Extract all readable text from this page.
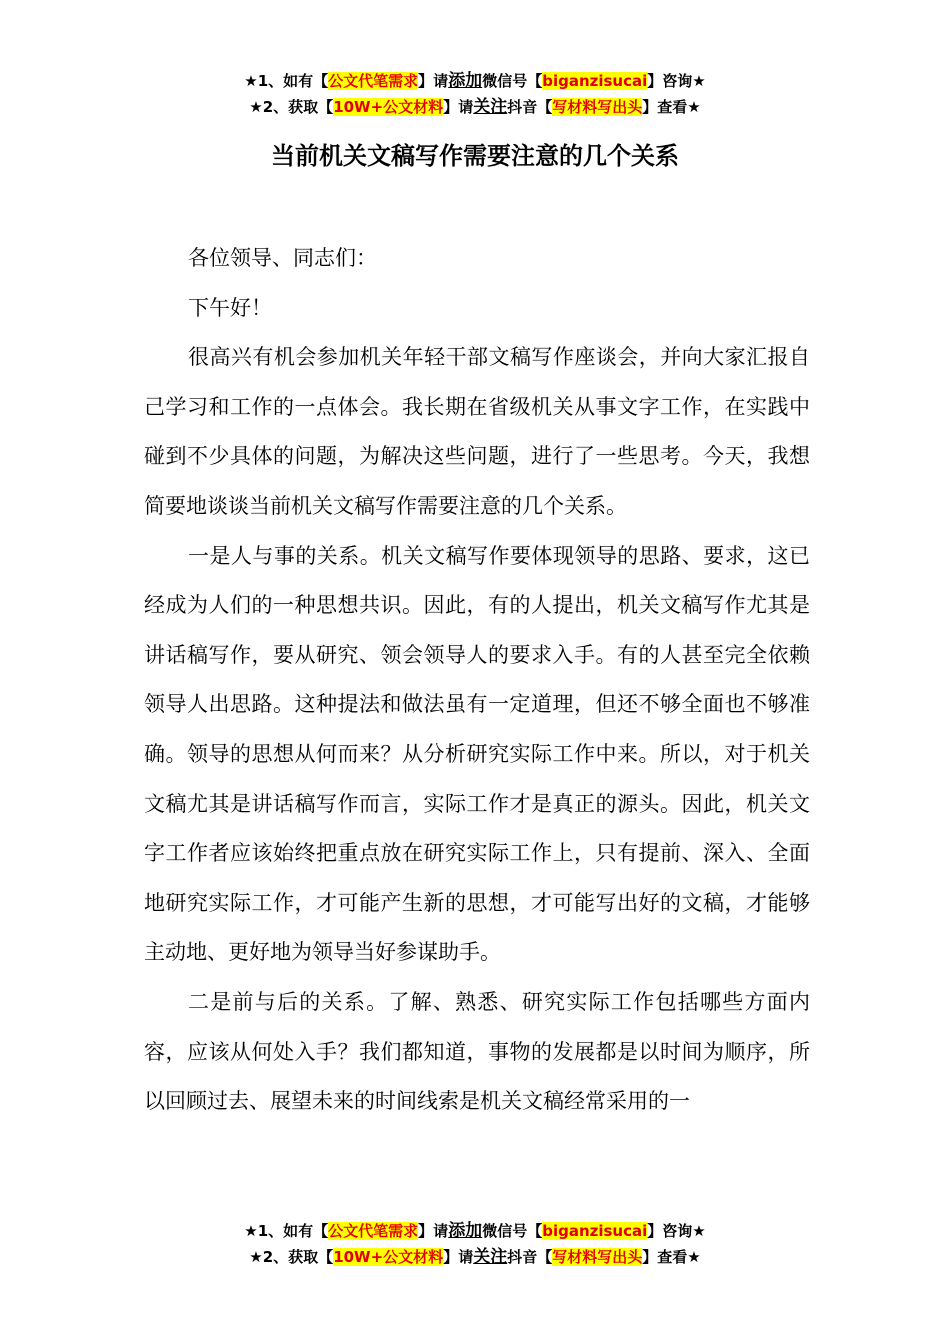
★1、如有【公文代笔需求】请添加微信号【biganzisucai】咨询★
★2、获取【10W+公文材料】请关注抖音【写材料写出头】查看★
当前机关文稿写作需要注意的几个关系

各位领导、同志们：

下午好！

很高兴有机会参加机关年轻干部文稿写作座谈会，并向大家汇报自己学习和工作的一点体会。我长期在省级机关从事文字工作，在实践中碰到不少具体的问题，为解决这些问题，进行了一些思考。今天，我想简要地谈谈当前机关文稿写作需要注意的几个关系。

一是人与事的关系。机关文稿写作要体现领导的思路、要求，这已经成为人们的一种思想共识。因此，有的人提出，机关文稿写作尤其是讲话稿写作，要从研究、领会领导人的要求入手。有的人甚至完全依赖领导人出思路。这种提法和做法虽有一定道理，但还不够全面也不够准确。领导的思想从何而来？从分析研究实际工作中来。所以，对于机关文稿尤其是讲话稿写作而言，实际工作才是真正的源头。因此，机关文字工作者应该始终把重点放在研究实际工作上，只有提前、深入、全面地研究实际工作，才可能产生新的思想，才可能写出好的文稿，才能够主动地、更好地为领导当好参谋助手。

二是前与后的关系。了解、熟悉、研究实际工作包括哪些方面内容，应该从何处入手？我们都知道，事物的发展都是以时间为顺序，所以回顾过去、展望未来的时间线索是机关文稿经常采用的一

★1、如有【公文代笔需求】请添加微信号【biganzisucai】咨询★
★2、获取【10W+公文材料】请关注抖音【写材料写出头】查看★
